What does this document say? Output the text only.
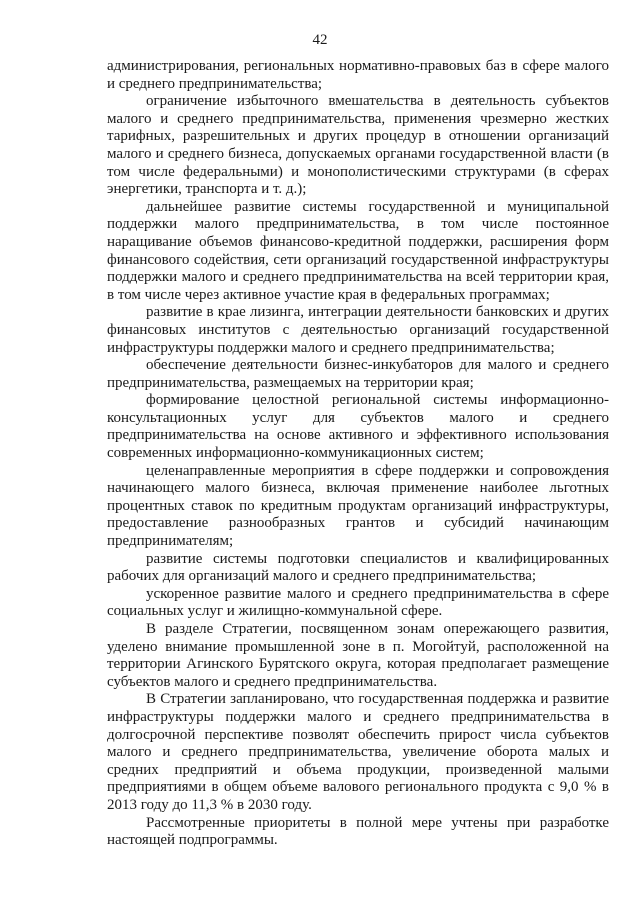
42
администрирования, региональных нормативно-правовых баз в сфере малого
и среднего предпринимательства;
ограничение избыточного вмешательства в деятельность субъектов
малого и среднего предпринимательства, применения чрезмерно жестких
тарифных, разрешительных и других процедур в отношении организаций
малого и среднего бизнеса, допускаемых органами государственной власти (в
том числе федеральными) и монополистическими структурами (в сферах
энергетики, транспорта и т. д.);
дальнейшее развитие системы государственной и муниципальной
поддержки малого предпринимательства, в том числе постоянное
наращивание объемов финансово-кредитной поддержки, расширения форм
финансового содействия, сети организаций государственной инфраструктуры
поддержки малого и среднего предпринимательства на всей территории края,
в том числе через активное участие края в федеральных программах;
развитие в крае лизинга, интеграции деятельности банковских и других
финансовых институтов с деятельностью организаций государственной
инфраструктуры поддержки малого и среднего предпринимательства;
обеспечение деятельности бизнес-инкубаторов для малого и среднего
предпринимательства, размещаемых на территории края;
формирование целостной региональной системы информационно-
консультационных услуг для субъектов малого и среднего
предпринимательства на основе активного и эффективного использования
современных информационно-коммуникационных систем;
целенаправленные мероприятия в сфере поддержки и сопровождения
начинающего малого бизнеса, включая применение наиболее льготных
процентных ставок по кредитным продуктам организаций инфраструктуры,
предоставление разнообразных грантов и субсидий начинающим
предпринимателям;
развитие системы подготовки специалистов и квалифицированных
рабочих для организаций малого и среднего предпринимательства;
ускоренное развитие малого и среднего предпринимательства в сфере
социальных услуг и жилищно-коммунальной сфере.
В разделе Стратегии, посвященном зонам опережающего развития,
уделено внимание промышленной зоне в п. Могойтуй, расположенной на
территории Агинского Бурятского округа, которая предполагает размещение
субъектов малого и среднего предпринимательства.
В Стратегии запланировано, что государственная поддержка и развитие
инфраструктуры поддержки малого и среднего предпринимательства в
долгосрочной перспективе позволят обеспечить прирост числа субъектов
малого и среднего предпринимательства, увеличение оборота малых и
средних предприятий и объема продукции, произведенной малыми
предприятиями в общем объеме валового регионального продукта с 9,0 % в
2013 году до 11,3 % в 2030 году.
Рассмотренные приоритеты в полной мере учтены при разработке
настоящей подпрограммы.
